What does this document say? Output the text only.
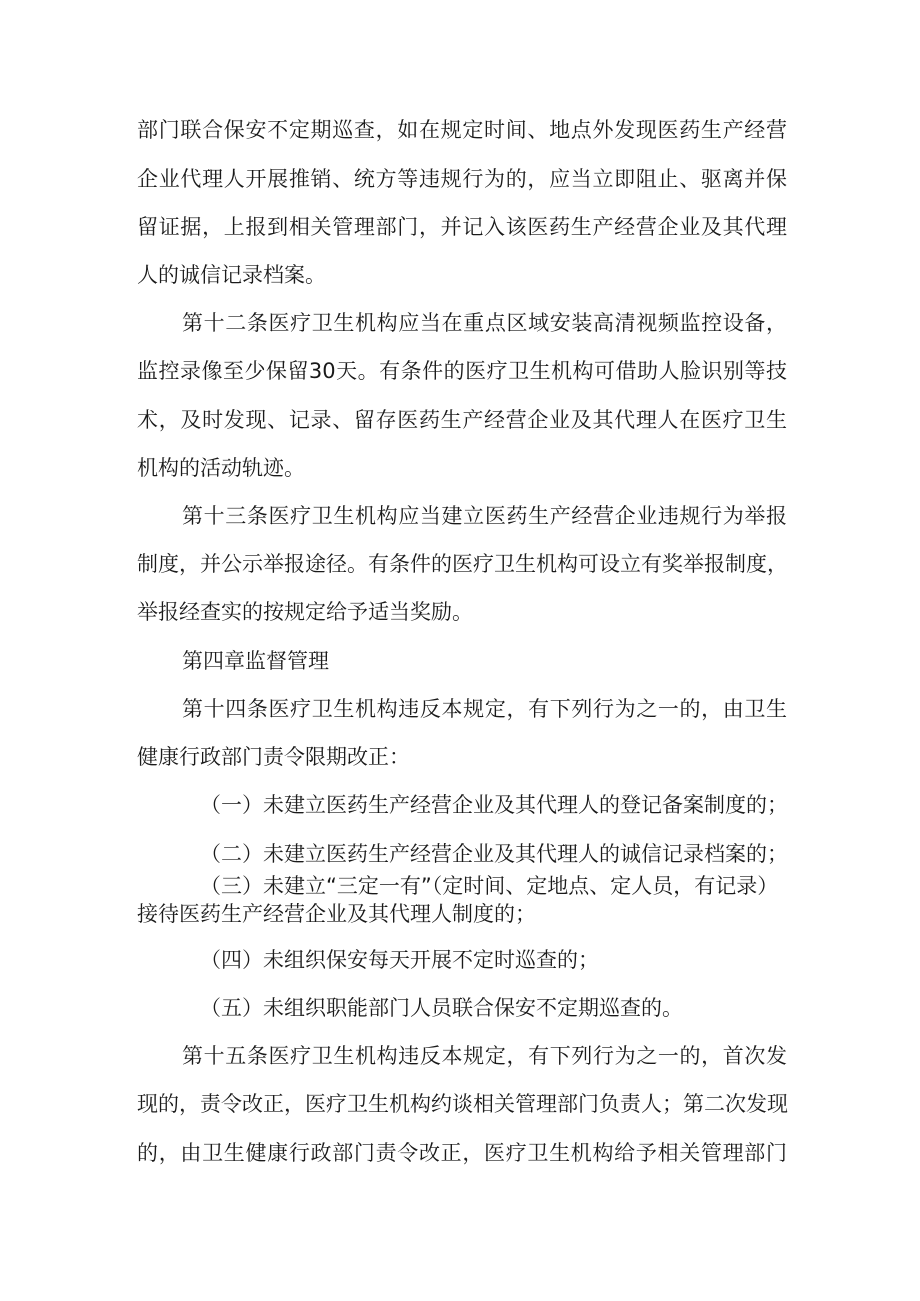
部门联合保安不定期巡查，如在规定时间、地点外发现医药生产经营
企业代理人开展推销、统方等违规行为的，应当立即阻止、驱离并保
留证据，上报到相关管理部门，并记入该医药生产经营企业及其代理
人的诚信记录档案。
第十二条医疗卫生机构应当在重点区域安装高清视频监控设备，
监控录像至少保留30天。有条件的医疗卫生机构可借助人脸识别等技
术，及时发现、记录、留存医药生产经营企业及其代理人在医疗卫生
机构的活动轨迹。
第十三条医疗卫生机构应当建立医药生产经营企业违规行为举报
制度，并公示举报途径。有条件的医疗卫生机构可设立有奖举报制度，
举报经查实的按规定给予适当奖励。
第四章监督管理
第十四条医疗卫生机构违反本规定，有下列行为之一的，由卫生
健康行政部门责令限期改正：
（一）未建立医药生产经营企业及其代理人的登记备案制度的；
（二）未建立医药生产经营企业及其代理人的诚信记录档案的；
（三）未建立“三定一有”（定时间、定地点、定人员，有记录）
接待医药生产经营企业及其代理人制度的；
（四）未组织保安每天开展不定时巡查的；
（五）未组织职能部门人员联合保安不定期巡查的。
第十五条医疗卫生机构违反本规定，有下列行为之一的，首次发
现的，责令改正，医疗卫生机构约谈相关管理部门负责人；第二次发现
的，由卫生健康行政部门责令改正，医疗卫生机构给予相关管理部门
